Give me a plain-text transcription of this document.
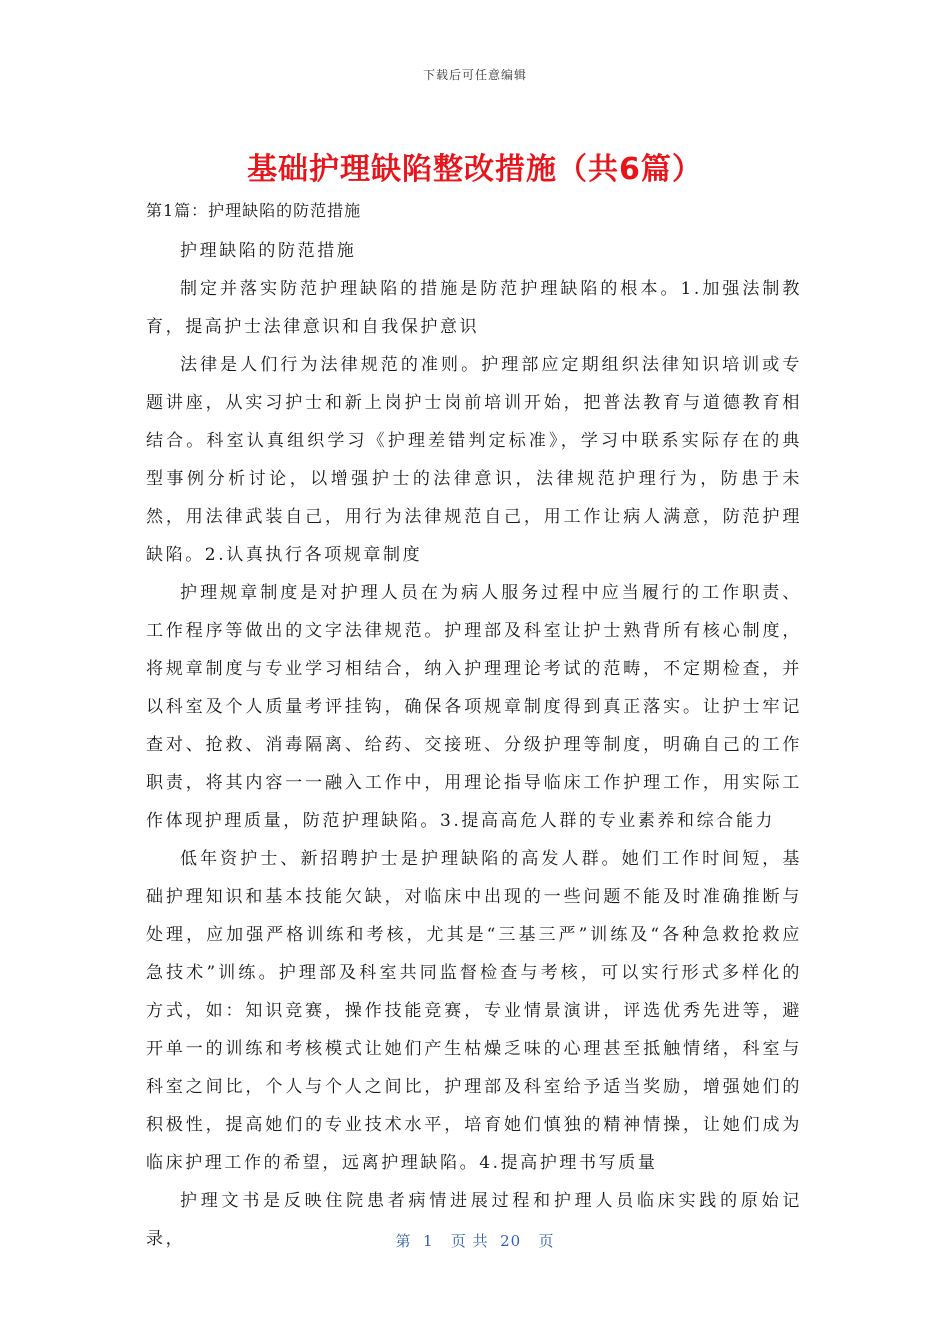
下载后可任意编辑
基础护理缺陷整改措施（共6篇）
第1篇：护理缺陷的防范措施

护理缺陷的防范措施

制定并落实防范护理缺陷的措施是防范护理缺陷的根本。1.加强法制教育，提高护士法律意识和自我保护意识

法律是人们行为法律规范的准则。护理部应定期组织法律知识培训或专题讲座，从实习护士和新上岗护士岗前培训开始，把普法教育与道德教育相结合。科室认真组织学习《护理差错判定标准》，学习中联系实际存在的典型事例分析讨论，以增强护士的法律意识，法律规范护理行为，防患于未然，用法律武装自己，用行为法律规范自己，用工作让病人满意，防范护理缺陷。2.认真执行各项规章制度

护理规章制度是对护理人员在为病人服务过程中应当履行的工作职责、工作程序等做出的文字法律规范。护理部及科室让护士熟背所有核心制度，将规章制度与专业学习相结合，纳入护理理论考试的范畴，不定期检查，并以科室及个人质量考评挂钩，确保各项规章制度得到真正落实。让护士牢记查对、抢救、消毒隔离、给药、交接班、分级护理等制度，明确自己的工作职责，将其内容一一融入工作中，用理论指导临床工作护理工作，用实际工作体现护理质量，防范护理缺陷。3.提高高危人群的专业素养和综合能力

低年资护士、新招聘护士是护理缺陷的高发人群。她们工作时间短，基础护理知识和基本技能欠缺，对临床中出现的一些问题不能及时准确推断与处理，应加强严格训练和考核，尤其是“三基三严”训练及“各种急救抢救应急技术”训练。护理部及科室共同监督检查与考核，可以实行形式多样化的方式，如：知识竞赛，操作技能竞赛，专业情景演讲，评选优秀先进等，避开单一的训练和考核模式让她们产生枯燥乏味的心理甚至抵触情绪，科室与科室之间比，个人与个人之间比，护理部及科室给予适当奖励，增强她们的积极性，提高她们的专业技术水平，培育她们慎独的精神情操，让她们成为临床护理工作的希望，远离护理缺陷。4.提高护理书写质量

护理文书是反映住院患者病情进展过程和护理人员临床实践的原始记录，	第  1   页 共  20   页
